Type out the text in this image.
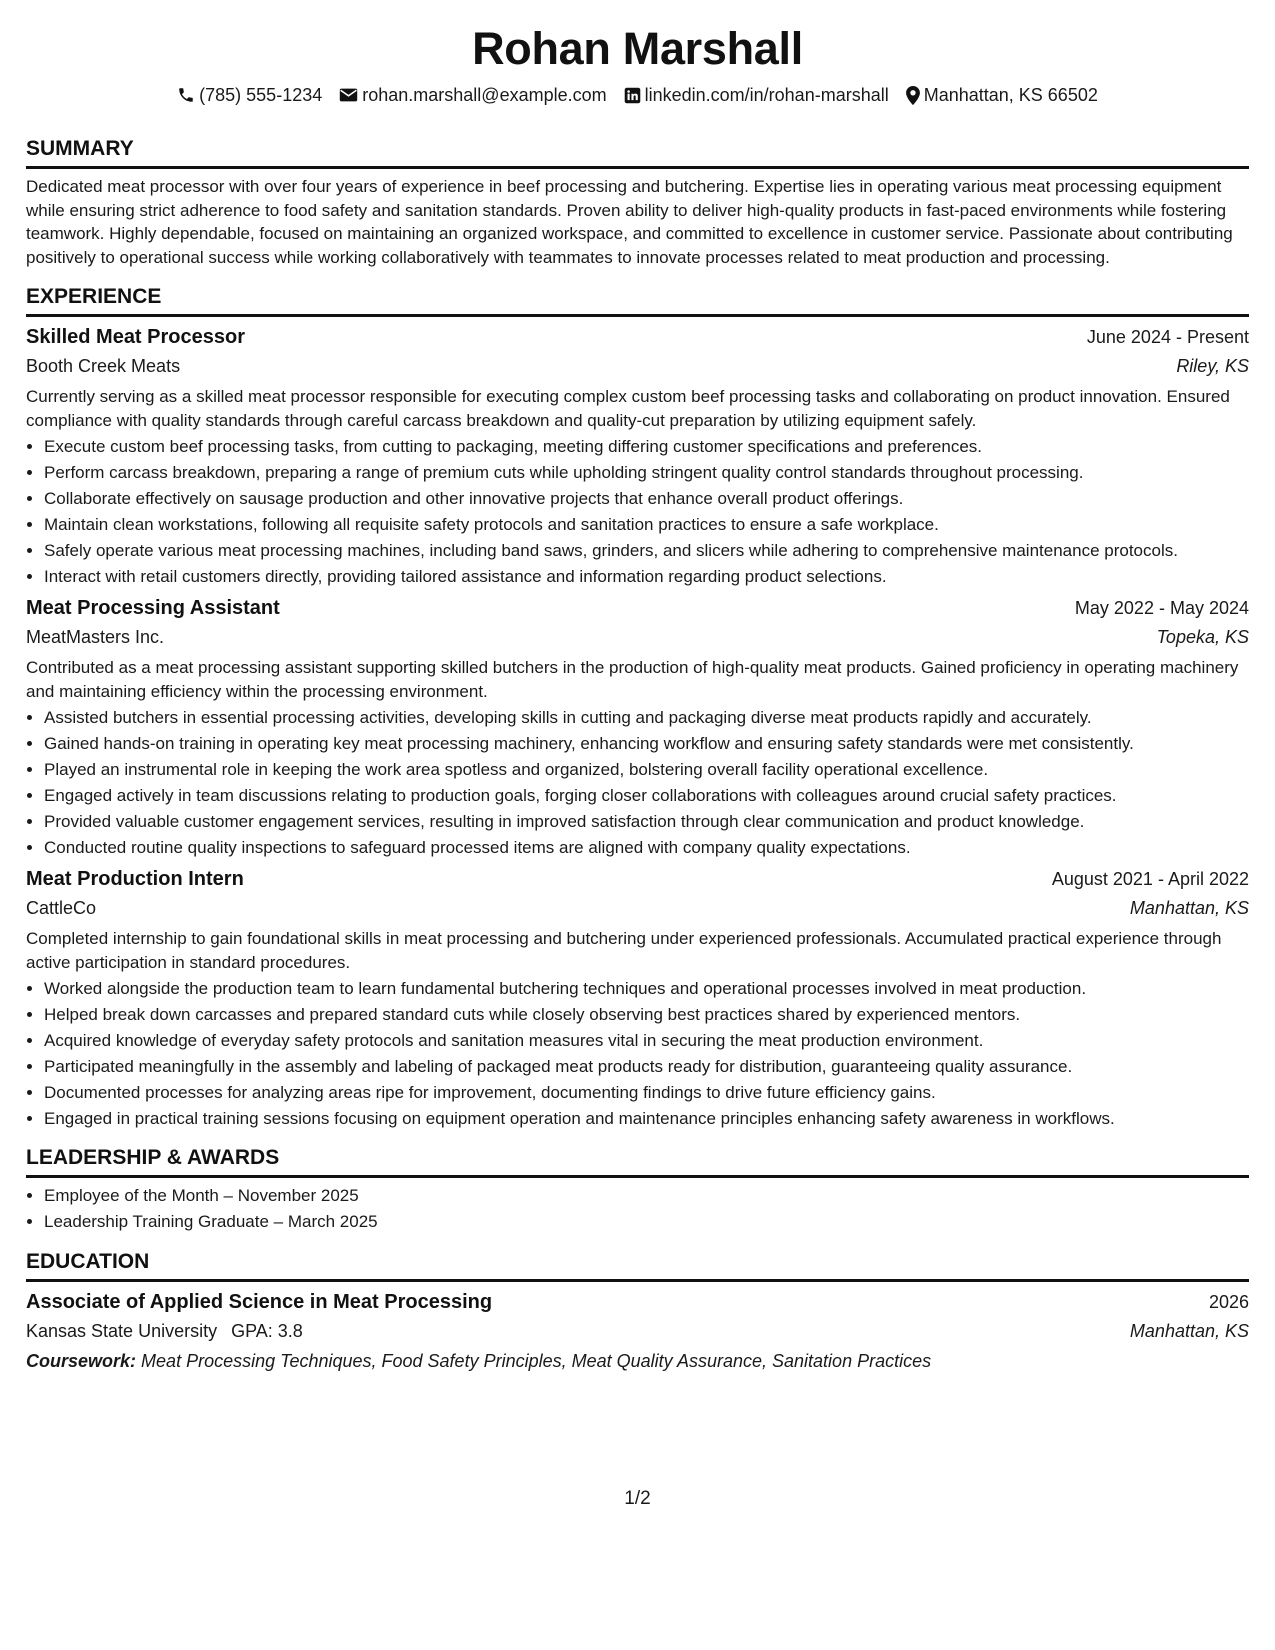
Rohan Marshall
(785) 555-1234 rohan.marshall@example.com linkedin.com/in/rohan-marshall Manhattan, KS 66502
SUMMARY

Dedicated meat processor with over four years of experience in beef processing and butchering. Expertise lies in operating various meat processing equipment while ensuring strict adherence to food safety and sanitation standards. Proven ability to deliver high-quality products in fast-paced environments while fostering teamwork. Highly dependable, focused on maintaining an organized workspace, and committed to excellence in customer service. Passionate about contributing positively to operational success while working collaboratively with teammates to innovate processes related to meat production and processing.

EXPERIENCE
Skilled Meat Processor	June 2024 - Present
Booth Creek Meats	Riley, KS

Currently serving as a skilled meat processor responsible for executing complex custom beef processing tasks and collaborating on product innovation. Ensured compliance with quality standards through careful carcass breakdown and quality-cut preparation by utilizing equipment safely.

• Execute custom beef processing tasks, from cutting to packaging, meeting differing customer specifications and preferences.
• Perform carcass breakdown, preparing a range of premium cuts while upholding stringent quality control standards throughout processing.
• Collaborate effectively on sausage production and other innovative projects that enhance overall product offerings.
• Maintain clean workstations, following all requisite safety protocols and sanitation practices to ensure a safe workplace.
• Safely operate various meat processing machines, including band saws, grinders, and slicers while adhering to comprehensive maintenance protocols.
• Interact with retail customers directly, providing tailored assistance and information regarding product selections.
Meat Processing Assistant	May 2022 - May 2024
MeatMasters Inc.	Topeka, KS

Contributed as a meat processing assistant supporting skilled butchers in the production of high-quality meat products. Gained proficiency in operating machinery and maintaining efficiency within the processing environment.

• Assisted butchers in essential processing activities, developing skills in cutting and packaging diverse meat products rapidly and accurately.
• Gained hands-on training in operating key meat processing machinery, enhancing workflow and ensuring safety standards were met consistently.
• Played an instrumental role in keeping the work area spotless and organized, bolstering overall facility operational excellence.
• Engaged actively in team discussions relating to production goals, forging closer collaborations with colleagues around crucial safety practices.
• Provided valuable customer engagement services, resulting in improved satisfaction through clear communication and product knowledge.
• Conducted routine quality inspections to safeguard processed items are aligned with company quality expectations.
Meat Production Intern	August 2021 - April 2022
CattleCo	Manhattan, KS

Completed internship to gain foundational skills in meat processing and butchering under experienced professionals. Accumulated practical experience through active participation in standard procedures.

• Worked alongside the production team to learn fundamental butchering techniques and operational processes involved in meat production.
• Helped break down carcasses and prepared standard cuts while closely observing best practices shared by experienced mentors.
• Acquired knowledge of everyday safety protocols and sanitation measures vital in securing the meat production environment.
• Participated meaningfully in the assembly and labeling of packaged meat products ready for distribution, guaranteeing quality assurance.
• Documented processes for analyzing areas ripe for improvement, documenting findings to drive future efficiency gains.
• Engaged in practical training sessions focusing on equipment operation and maintenance principles enhancing safety awareness in workflows.
LEADERSHIP & AWARDS
• Employee of the Month – November 2025
• Leadership Training Graduate – March 2025
EDUCATION
Associate of Applied Science in Meat Processing	2026
Kansas State University GPA: 3.8	Manhattan, KS
Coursework: Meat Processing Techniques, Food Safety Principles, Meat Quality Assurance, Sanitation Practices
1/2
